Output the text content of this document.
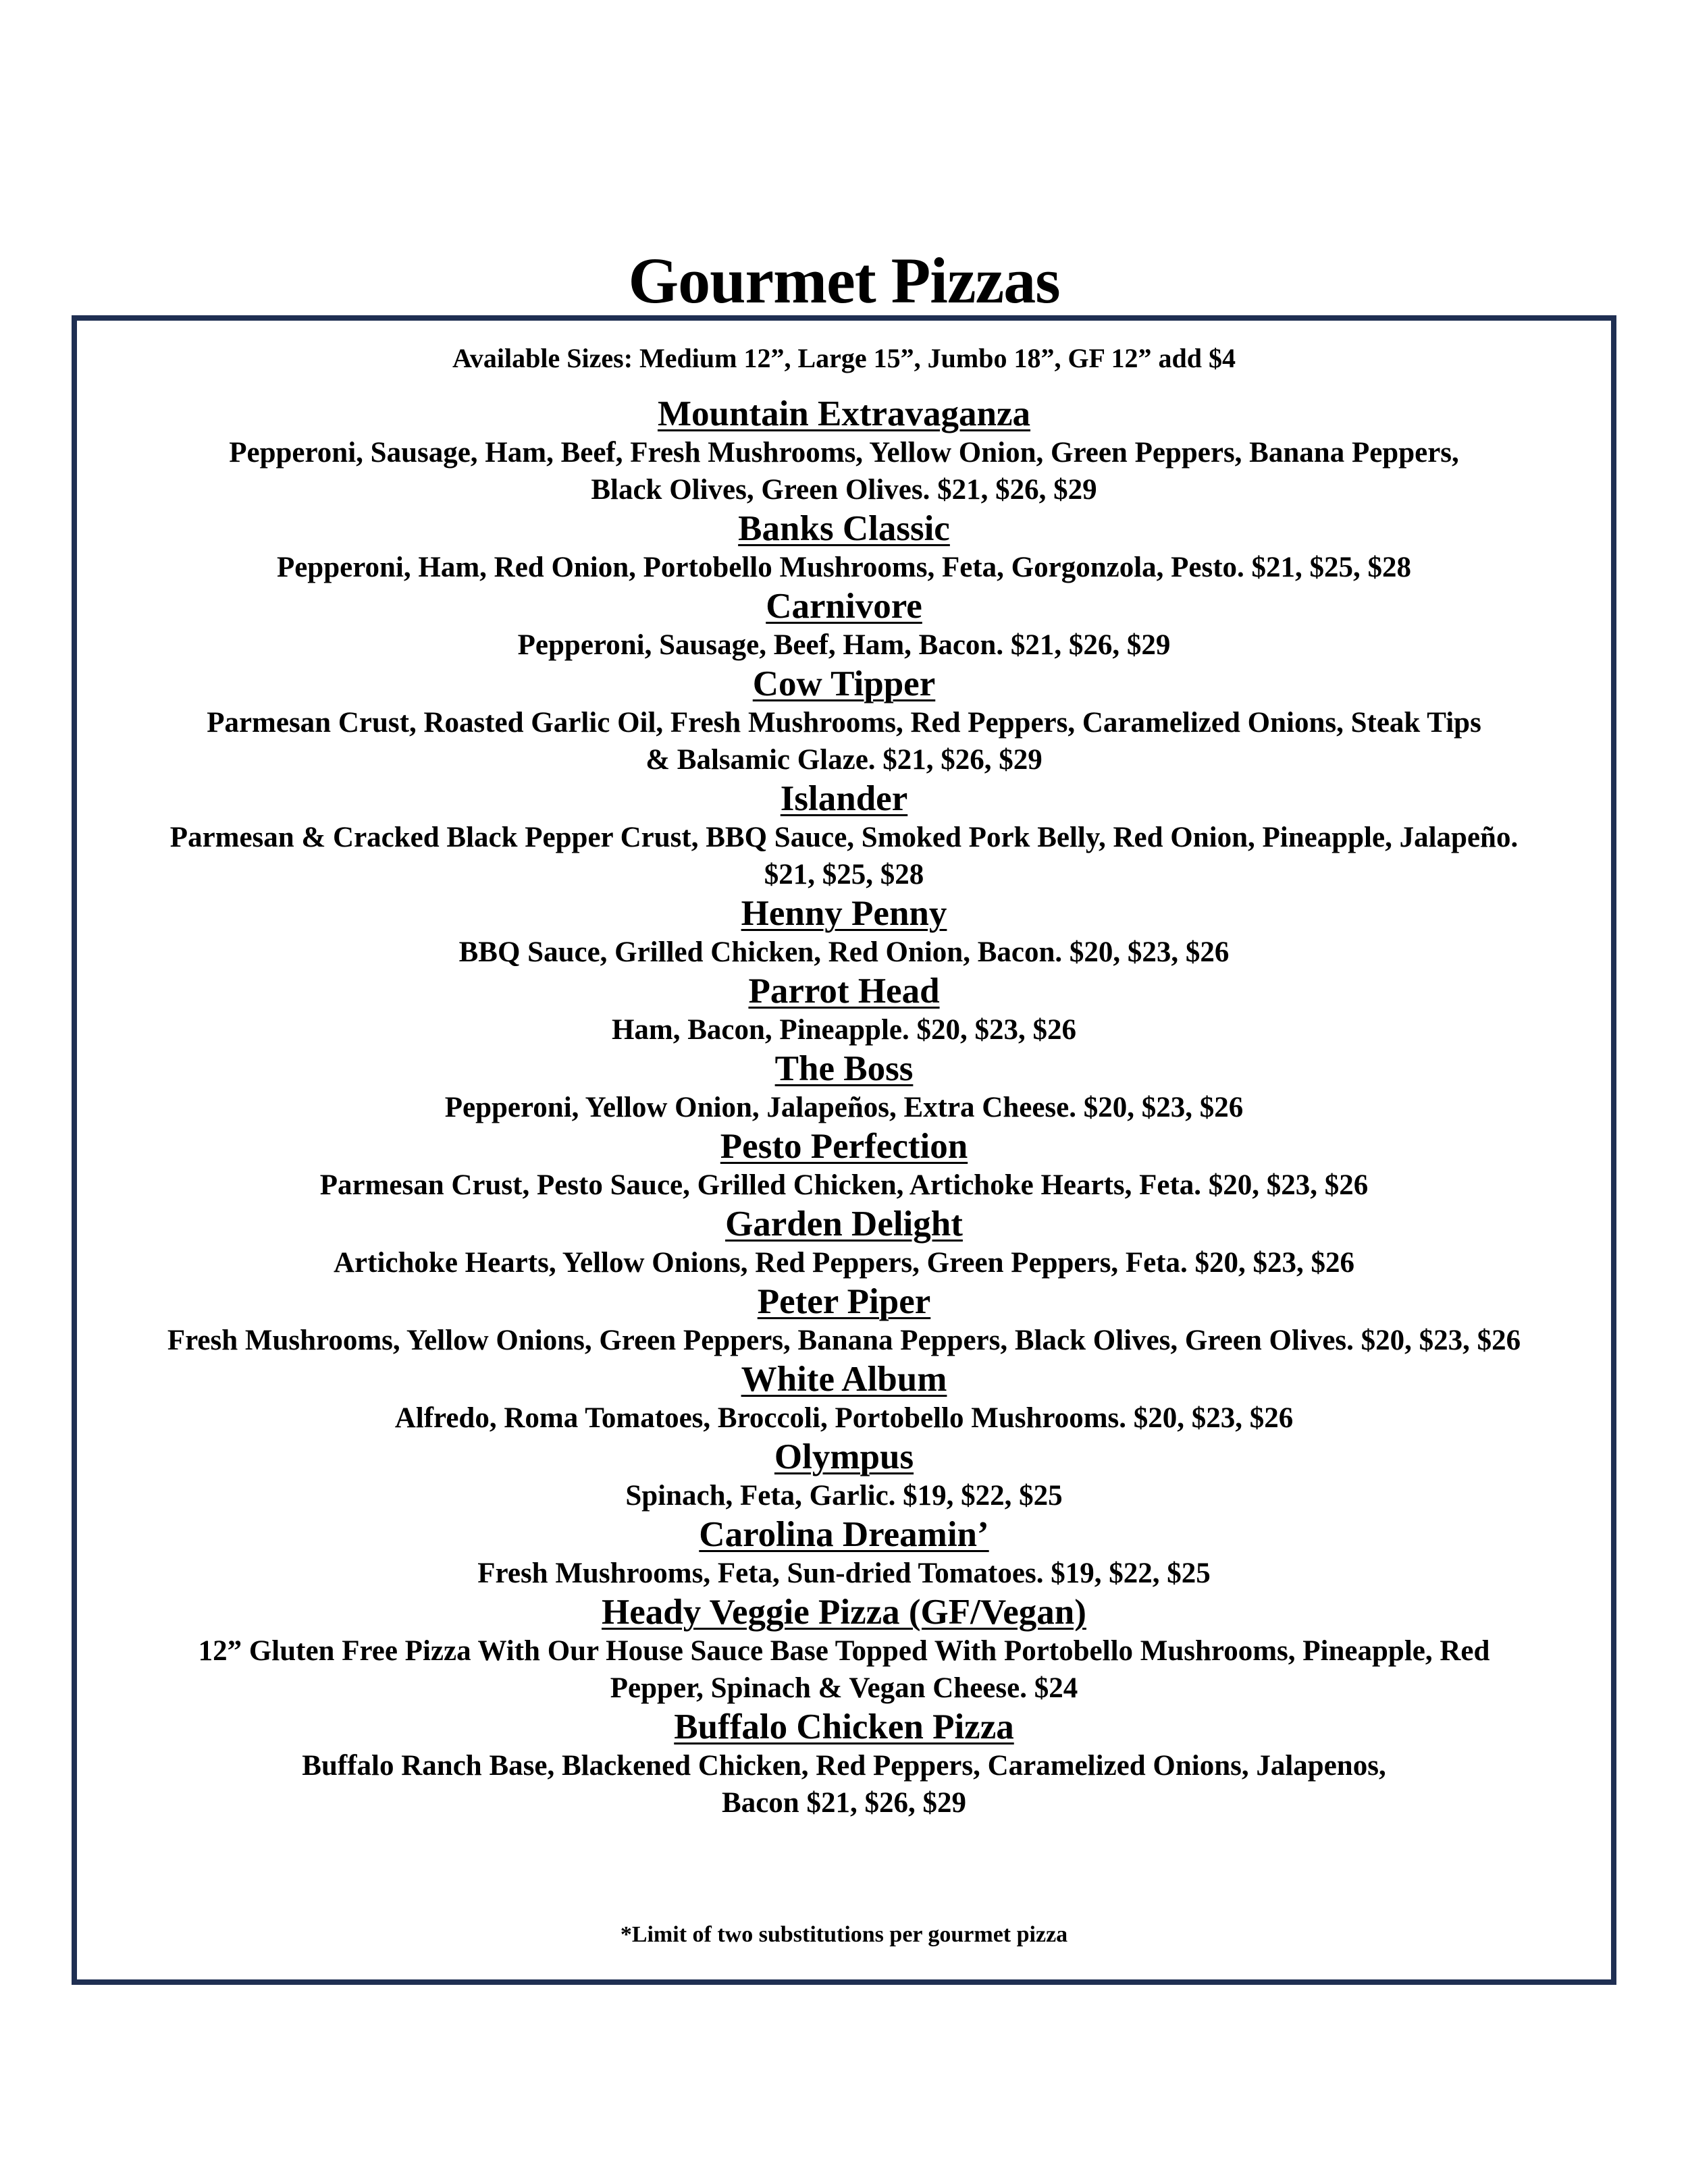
Gourmet Pizzas
Available Sizes: Medium 12”, Large 15”, Jumbo 18”, GF 12” add $4
Mountain Extravaganza
Pepperoni, Sausage, Ham, Beef, Fresh Mushrooms, Yellow Onion, Green Peppers, Banana Peppers,
Black Olives, Green Olives. $21, $26, $29
Banks Classic
Pepperoni, Ham, Red Onion, Portobello Mushrooms, Feta, Gorgonzola, Pesto. $21, $25, $28
Carnivore
Pepperoni, Sausage, Beef, Ham, Bacon. $21, $26, $29
Cow Tipper
Parmesan Crust, Roasted Garlic Oil, Fresh Mushrooms, Red Peppers, Caramelized Onions, Steak Tips
& Balsamic Glaze. $21, $26, $29
Islander
Parmesan & Cracked Black Pepper Crust, BBQ Sauce, Smoked Pork Belly, Red Onion, Pineapple, Jalapeño.
$21, $25, $28
Henny Penny
BBQ Sauce, Grilled Chicken, Red Onion, Bacon. $20, $23, $26
Parrot Head
Ham, Bacon, Pineapple. $20, $23, $26
The Boss
Pepperoni, Yellow Onion, Jalapeños, Extra Cheese. $20, $23, $26
Pesto Perfection
Parmesan Crust, Pesto Sauce, Grilled Chicken, Artichoke Hearts, Feta. $20, $23, $26
Garden Delight
Artichoke Hearts, Yellow Onions, Red Peppers, Green Peppers, Feta. $20, $23, $26
Peter Piper
Fresh Mushrooms, Yellow Onions, Green Peppers, Banana Peppers, Black Olives, Green Olives. $20, $23, $26
White Album
Alfredo, Roma Tomatoes, Broccoli, Portobello Mushrooms. $20, $23, $26
Olympus
Spinach, Feta, Garlic. $19, $22, $25
Carolina Dreamin’
Fresh Mushrooms, Feta, Sun-dried Tomatoes. $19, $22, $25
Heady Veggie Pizza (GF/Vegan)
12” Gluten Free Pizza With Our House Sauce Base Topped With Portobello Mushrooms, Pineapple, Red
Pepper, Spinach & Vegan Cheese. $24
Buffalo Chicken Pizza
Buffalo Ranch Base, Blackened Chicken, Red Peppers, Caramelized Onions, Jalapenos,
Bacon $21, $26, $29
*Limit of two substitutions per gourmet pizza
